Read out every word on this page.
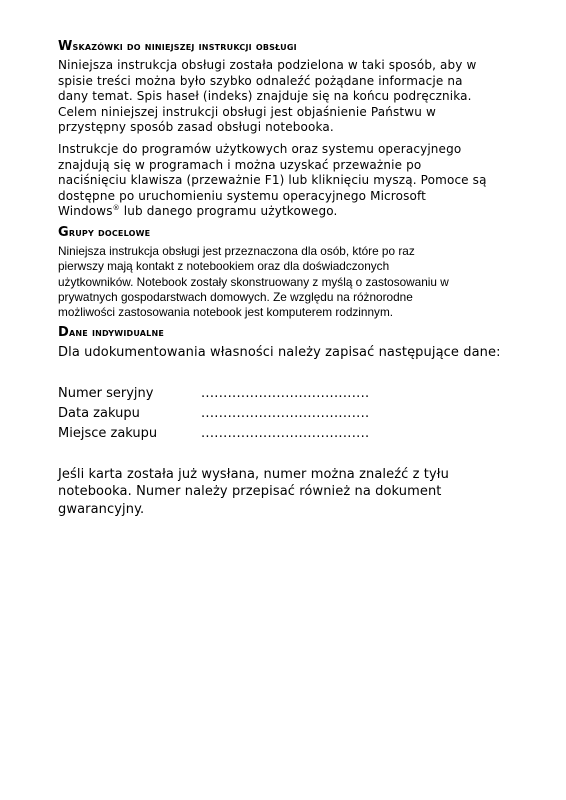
Wskazówki do niniejszej instrukcji obsługi

Niniejsza instrukcja obsługi została podzielona w taki sposób, aby w
spisie treści można było szybko odnaleźć pożądane informacje na
dany temat. Spis haseł (indeks) znajduje się na końcu podręcznika.
Celem niniejszej instrukcji obsługi jest objaśnienie Państwu w
przystępny sposób zasad obsługi notebooka.

Instrukcje do programów użytkowych oraz systemu operacyjnego
znajdują się w programach i można uzyskać przeważnie po
naciśnięciu klawisza (przeważnie F1) lub kliknięciu myszą. Pomoce są
dostępne po uruchomieniu systemu operacyjnego Microsoft
Windows® lub danego programu użytkowego.

Grupy docelowe

Niniejsza instrukcja obsługi jest przeznaczona dla osób, które po raz
pierwszy mają kontakt z notebookiem oraz dla doświadczonych
użytkowników. Notebook zostały skonstruowany z myślą o zastosowaniu w
prywatnych gospodarstwach domowych. Ze względu na różnorodne
możliwości zastosowania notebook jest komputerem rodzinnym.

Dane indywidualne

Dla udokumentowania własności należy zapisać następujące dane:

Numer seryjny	......................................
Data zakupu	......................................
Miejsce zakupu	......................................

Jeśli karta została już wysłana, numer można znaleźć z tyłu
notebooka. Numer należy przepisać również na dokument
gwarancyjny.
